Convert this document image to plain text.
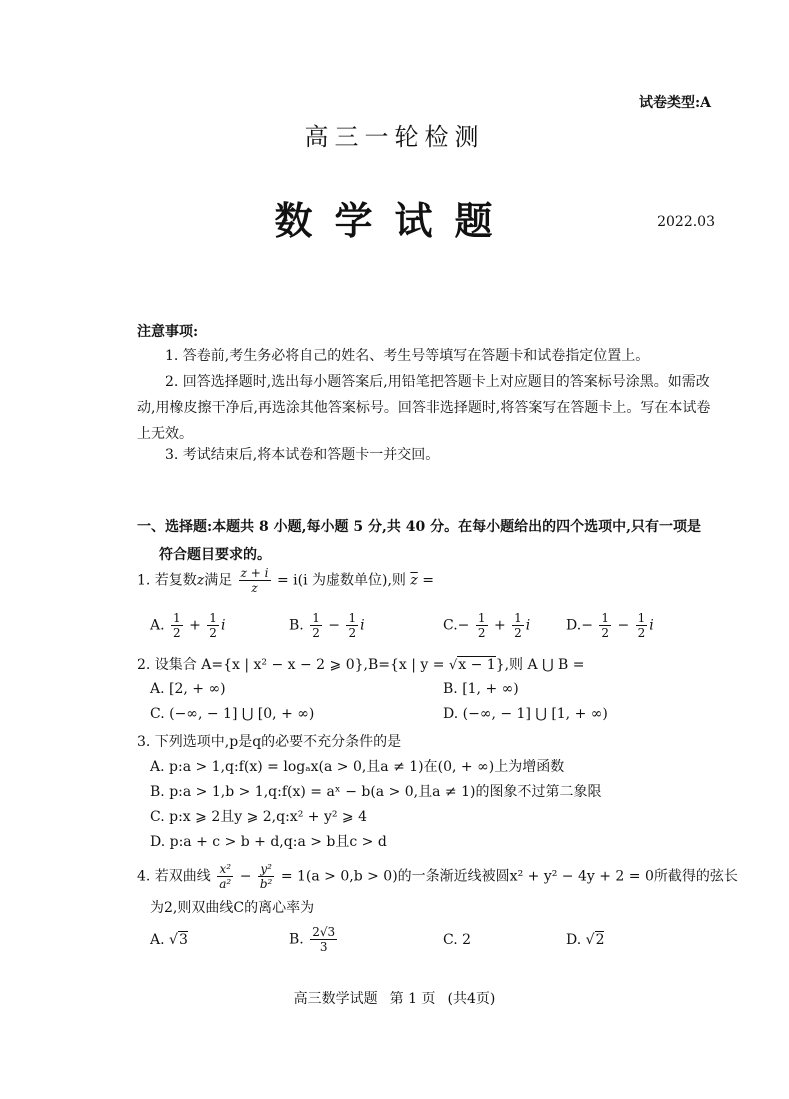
试卷类型:A
高三一轮检测
数学试题	2022.03
注意事项:
1. 答卷前,考生务必将自己的姓名、考生号等填写在答题卡和试卷指定位置上。
2. 回答选择题时,选出每小题答案后,用铅笔把答题卡上对应题目的答案标号涂黑。如需改动,用橡皮擦干净后,再选涂其他答案标号。回答非选择题时,将答案写在答题卡上。写在本试卷上无效。
3. 考试结束后,将本试卷和答题卡一并交回。
一、选择题:本题共 8 小题,每小题 5 分,共 40 分。在每小题给出的四个选项中,只有一项是
符合题目要求的。
1. 若复数z满足 $\frac{z + i}{z} = i(i$ 为虚数单位),则 $\overline{z}$ =
A. $\frac{1}{2} + \frac{1}{2}$ i	B. $\frac{1}{2} - \frac{1}{2}$ i	$C.- \frac{1}{2} + \frac{1}{2}$ i	$D.- \frac{1}{2} - \frac{1}{2}$ i
2. 设集合 A={x | x² − x − 2 ⩾ 0},B={x | y = √x − 1},则 A ⋃ B =
A. [2, + ∞)	B. [1, + ∞)
C. (−∞, − 1] ⋃ [0, + ∞)	D. (−∞, − 1] ⋃ [1, + ∞)
3. 下列选项中,p是q的必要不充分条件的是
A. p:a > 1,q:f(x) = logₐx(a > 0,且a ≠ 1)在(0, + ∞)上为增函数
B. p:a > 1,b > 1,q:f(x) = aˣ − b(a > 0,且a ≠ 1)的图象不过第二象限
C. p:x ⩾ 2且y ⩾ 2,q:x² + y² ⩾ 4
D. p:a + c > b + d,q:a > b且c > d
4. 若双曲线 $\frac{\text{x²}}{\text{a²}} - \frac{\text{y²}}{\text{b²}} = 1(a > 0,b > 0)$的一条渐近线被圆x² + y² − 4y + 2 = 0所截得的弦长
为2,则双曲线C的离心率为
A. √3	B. $\frac{2√3}{3}$	C. 2	D. √2
高三数学试题 第 1 页 (共4页)
